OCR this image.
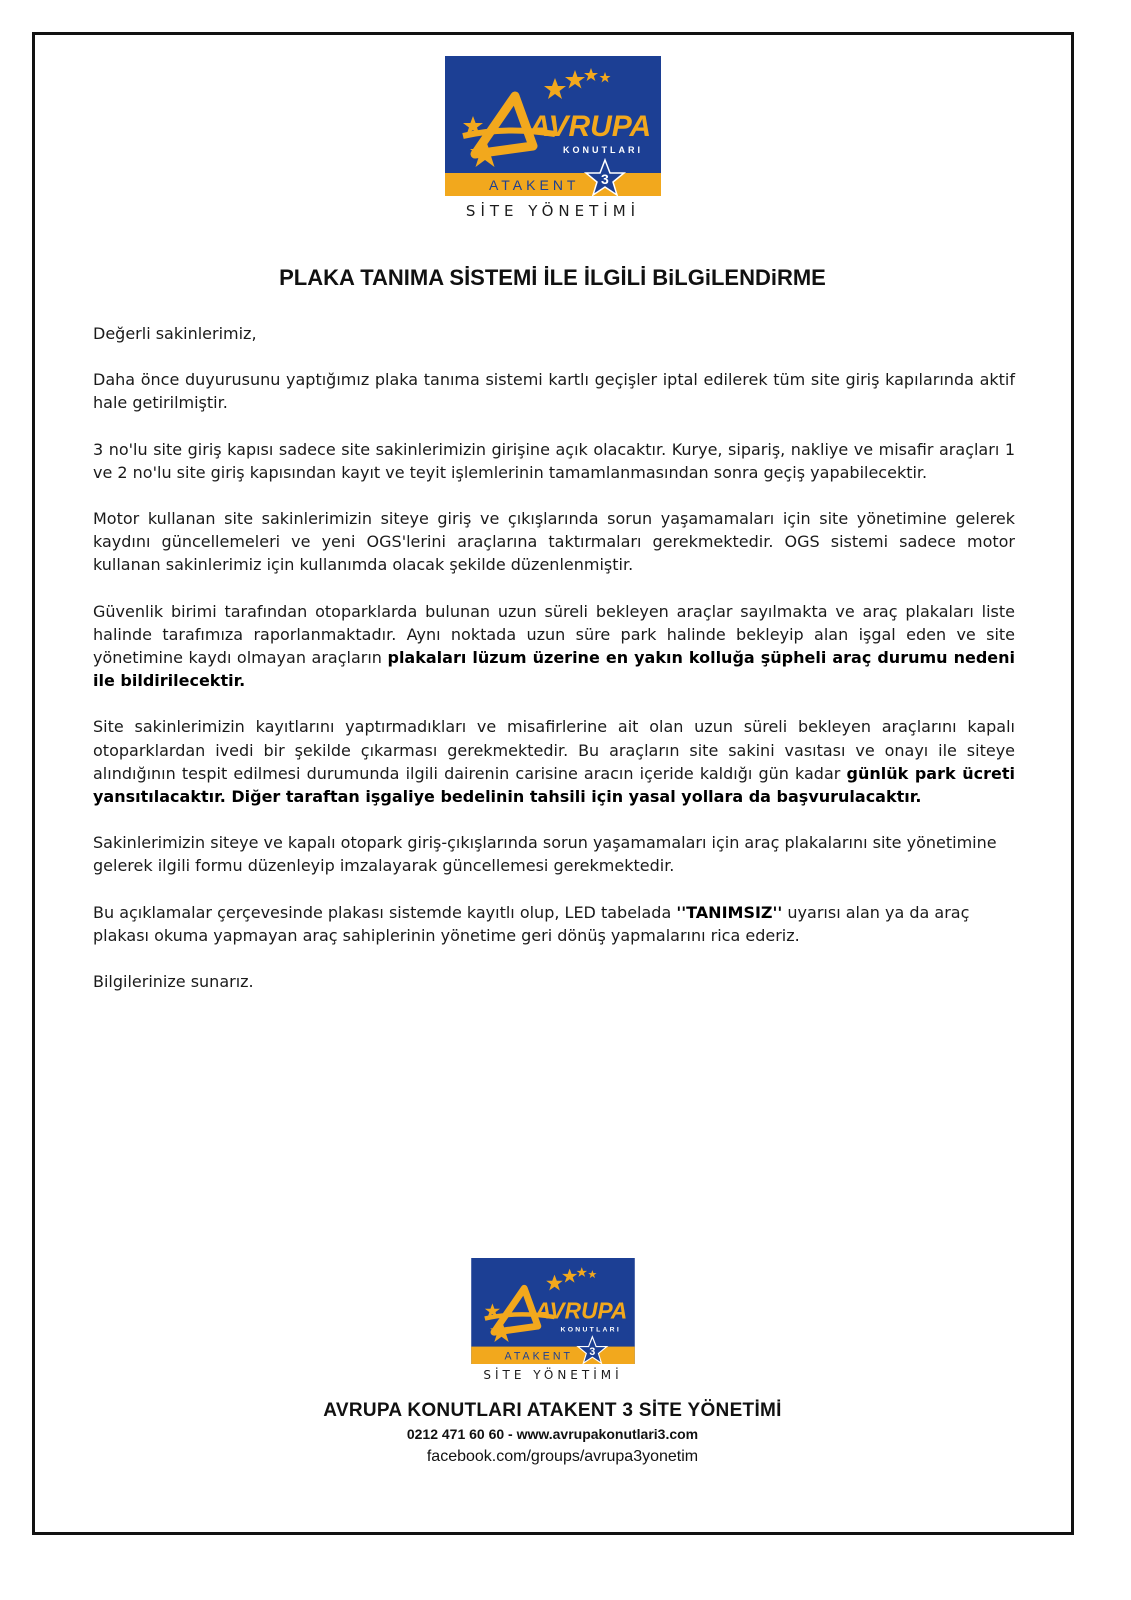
AVRUPA
KONUTLARI
ATAKENT 3
SİTE YÖNETİMİ
PLAKA TANIMA SİSTEMİ İLE İLGİLİ BiLGiLENDiRME

Değerli sakinlerimiz,

Daha önce duyurusunu yaptığımız plaka tanıma sistemi kartlı geçişler iptal edilerek tüm site giriş kapılarında aktif hale getirilmiştir.

3 no'lu site giriş kapısı sadece site sakinlerimizin girişine açık olacaktır. Kurye, sipariş, nakliye ve misafir araçları 1 ve 2 no'lu site giriş kapısından kayıt ve teyit işlemlerinin tamamlanmasından sonra geçiş yapabilecektir.

Motor kullanan site sakinlerimizin siteye giriş ve çıkışlarında sorun yaşamamaları için site yönetimine gelerek kaydını güncellemeleri ve yeni OGS'lerini araçlarına taktırmaları gerekmektedir. OGS sistemi sadece motor kullanan sakinlerimiz için kullanımda olacak şekilde düzenlenmiştir.

Güvenlik birimi tarafından otoparklarda bulunan uzun süreli bekleyen araçlar sayılmakta ve araç plakaları liste halinde tarafımıza raporlanmaktadır. Aynı noktada uzun süre park halinde bekleyip alan işgal eden ve site yönetimine kaydı olmayan araçların plakaları lüzum üzerine en yakın kolluğa şüpheli araç durumu nedeni ile bildirilecektir.

Site sakinlerimizin kayıtlarını yaptırmadıkları ve misafirlerine ait olan uzun süreli bekleyen araçlarını kapalı otoparklardan ivedi bir şekilde çıkarması gerekmektedir. Bu araçların site sakini vasıtası ve onayı ile siteye alındığının tespit edilmesi durumunda ilgili dairenin carisine aracın içeride kaldığı gün kadar günlük park ücreti yansıtılacaktır. Diğer taraftan işgaliye bedelinin tahsili için yasal yollara da başvurulacaktır.

Sakinlerimizin siteye ve kapalı otopark giriş-çıkışlarında sorun yaşamamaları için araç plakalarını site yönetimine gelerek ilgili formu düzenleyip imzalayarak güncellemesi gerekmektedir.

Bu açıklamalar çerçevesinde plakası sistemde kayıtlı olup, LED tabelada ''TANIMSIZ'' uyarısı alan ya da araç plakası okuma yapmayan araç sahiplerinin yönetime geri dönüş yapmalarını rica ederiz.

Bilgilerinize sunarız.

AVRUPA
KONUTLARI
ATAKENT 3
SİTE YÖNETİMİ
AVRUPA KONUTLARI ATAKENT 3 SİTE YÖNETİMİ
0212 471 60 60 - www.avrupakonutlari3.com
facebook.com/groups/avrupa3yonetim
